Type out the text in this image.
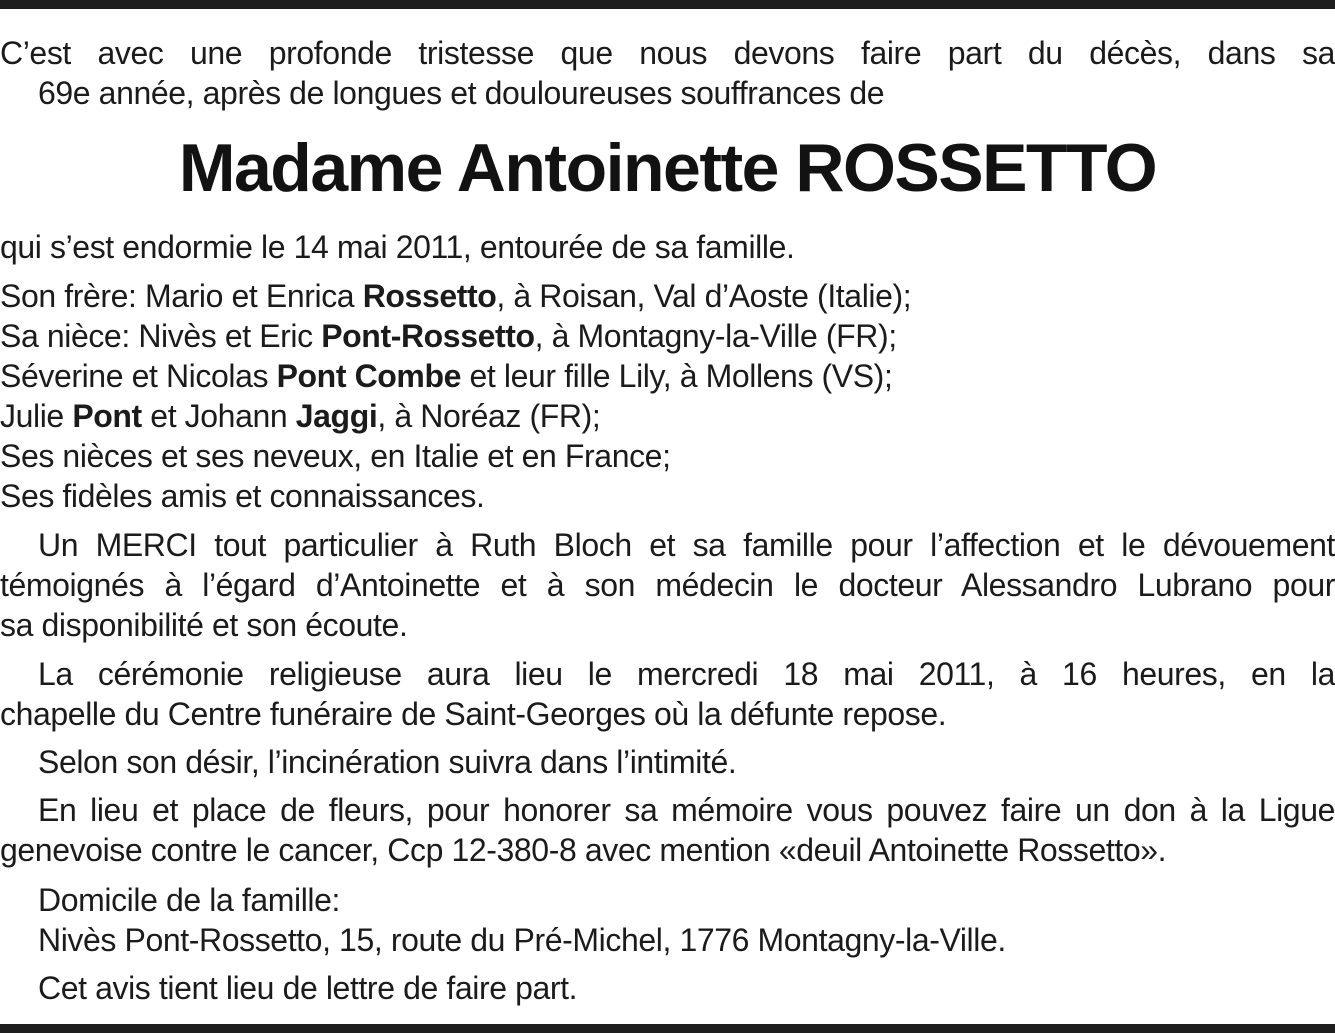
C’est avec une profonde tristesse que nous devons faire part du décès, dans sa
69e année, après de longues et douloureuses souffrances de
Madame Antoinette ROSSETTO
qui s’est endormie le 14 mai 2011, entourée de sa famille.
Son frère: Mario et Enrica Rossetto, à Roisan, Val d’Aoste (Italie);
Sa nièce: Nivès et Eric Pont-Rossetto, à Montagny-la-Ville (FR);
Séverine et Nicolas Pont Combe et leur fille Lily, à Mollens (VS);
Julie Pont et Johann Jaggi, à Noréaz (FR);
Ses nièces et ses neveux, en Italie et en France;
Ses fidèles amis et connaissances.
Un MERCI tout particulier à Ruth Bloch et sa famille pour l’affection et le dévouement
témoignés à l’égard d’Antoinette et à son médecin le docteur Alessandro Lubrano pour
sa disponibilité et son écoute.
La cérémonie religieuse aura lieu le mercredi 18 mai 2011, à 16 heures, en la
chapelle du Centre funéraire de Saint-Georges où la défunte repose.
Selon son désir, l’incinération suivra dans l’intimité.
En lieu et place de fleurs, pour honorer sa mémoire vous pouvez faire un don à la Ligue
genevoise contre le cancer, Ccp 12-380-8 avec mention «deuil Antoinette Rossetto».
Domicile de la famille:
Nivès Pont-Rossetto, 15, route du Pré-Michel, 1776 Montagny-la-Ville.
Cet avis tient lieu de lettre de faire part.
